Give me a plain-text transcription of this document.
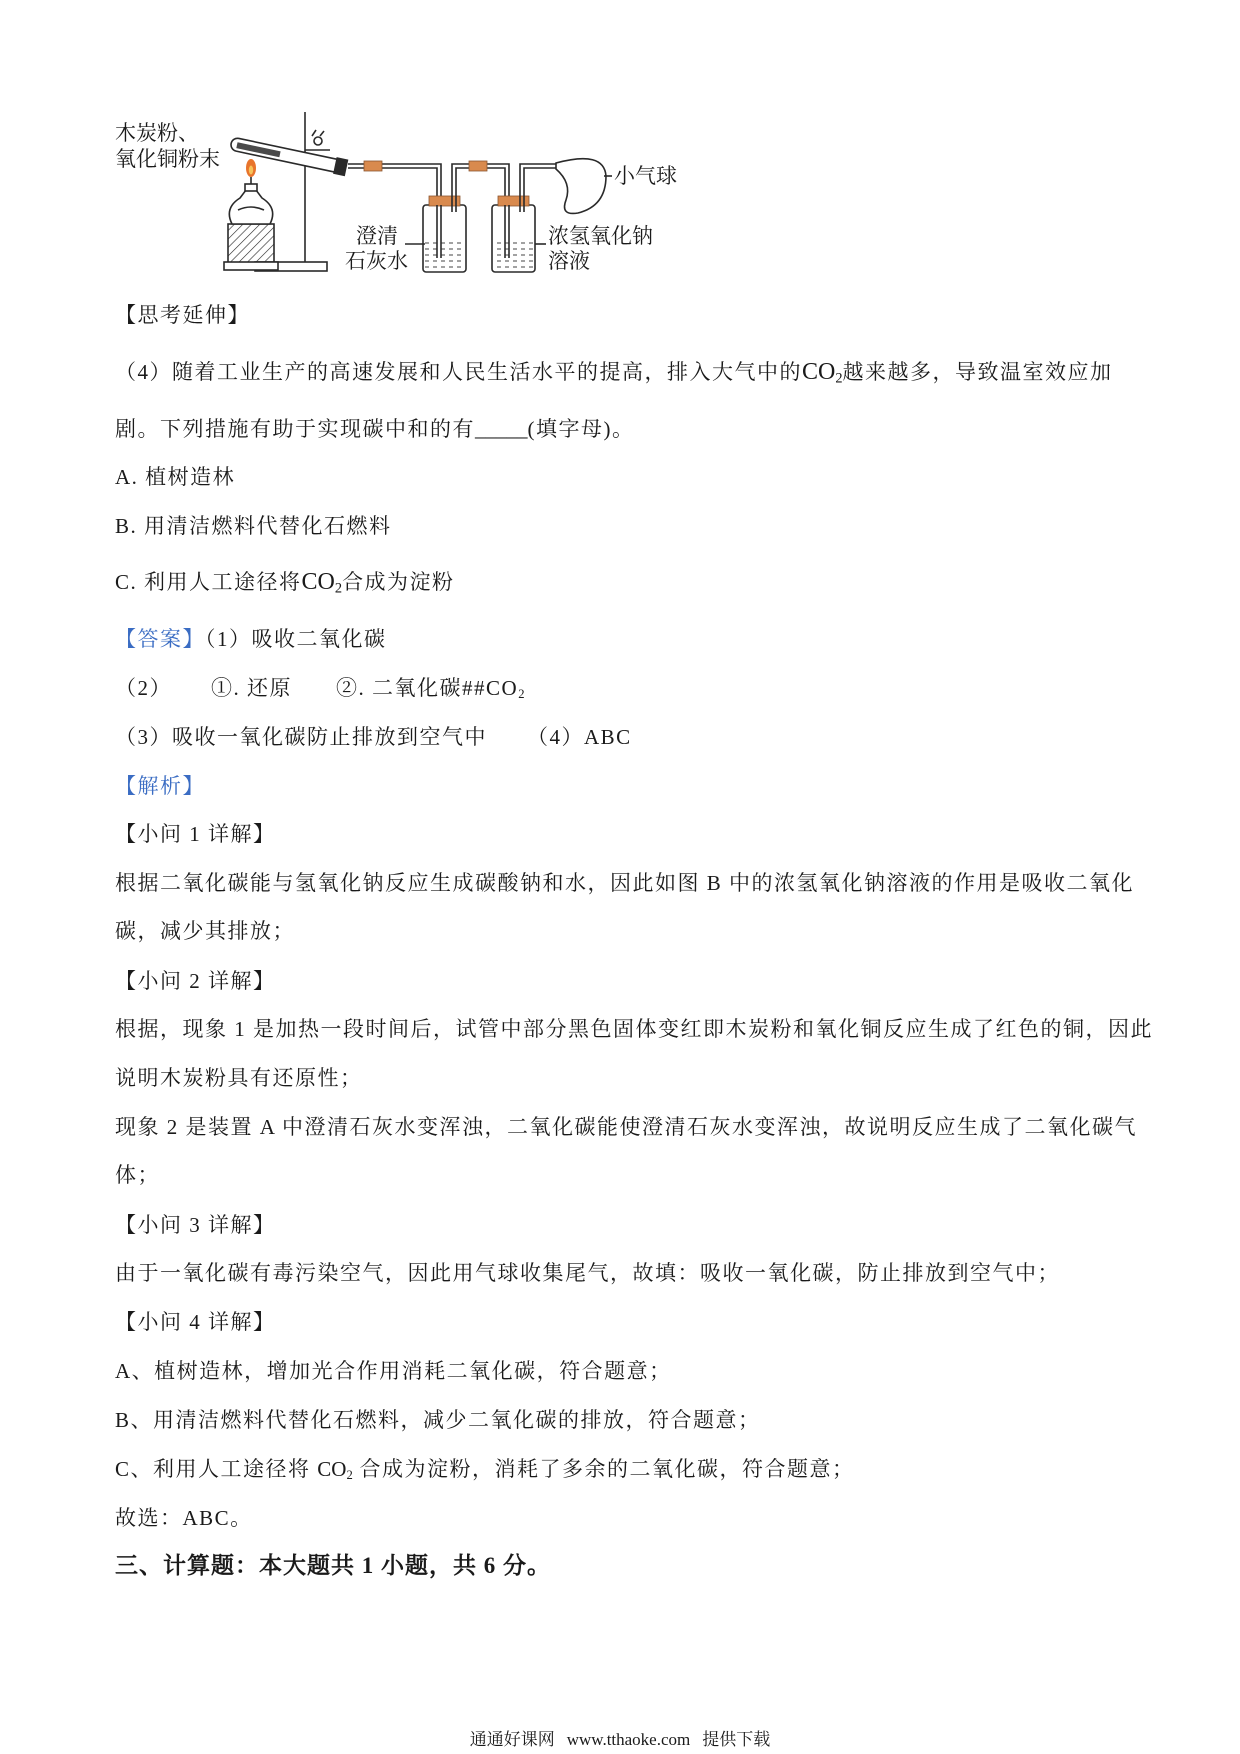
木炭粉、
氧化铜粉末
小气球
澄清
石灰水
浓氢氧化钠
溶液
【思考延伸】
（4）随着工业生产的高速发展和人民生活水平的提高，排入大气中的$CO_2$越来越多，导致温室效应加
剧。下列措施有助于实现碳中和的有_____(填字母)。
A. 植树造林
B. 用清洁燃料代替化石燃料
C. 利用人工途径将$CO_2$合成为淀粉
【答案】（1）吸收二氧化碳
（2） ①. 还原 ②. 二氧化碳$\#\#CO_2$
（3）吸收一氧化碳防止排放到空气中 （4）ABC
【解析】
【小问 1 详解】
根据二氧化碳能与氢氧化钠反应生成碳酸钠和水，因此如图 B 中的浓氢氧化钠溶液的作用是吸收二氧化
碳，减少其排放；
【小问 2 详解】
根据，现象 1 是加热一段时间后，试管中部分黑色固体变红即木炭粉和氧化铜反应生成了红色的铜，因此
说明木炭粉具有还原性；
现象 2 是装置 A 中澄清石灰水变浑浊，二氧化碳能使澄清石灰水变浑浊，故说明反应生成了二氧化碳气
体；
【小问 3 详解】
由于一氧化碳有毒污染空气，因此用气球收集尾气，故填：吸收一氧化碳，防止排放到空气中；
【小问 4 详解】
A、植树造林，增加光合作用消耗二氧化碳，符合题意；
B、用清洁燃料代替化石燃料，减少二氧化碳的排放，符合题意；
C、利用人工途径将 $CO_2$ 合成为淀粉，消耗了多余的二氧化碳，符合题意；
故选：ABC。
三、计算题：本大题共 1 小题，共 6 分。
通通好课网 www.tthaoke.com 提供下载
